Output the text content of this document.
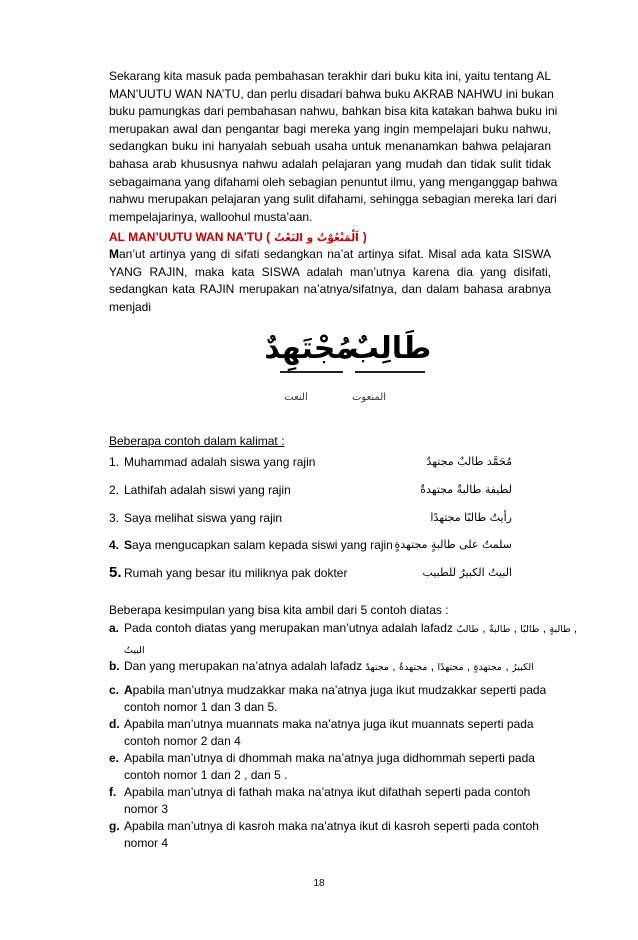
Sekarang kita masuk pada pembahasan terakhir dari buku kita ini, yaitu tentang AL
MAN’UUTU WAN NA’TU, dan perlu disadari bahwa buku AKRAB NAHWU ini bukan
buku pamungkas dari pembahasan nahwu, bahkan bisa kita katakan bahwa buku ini
merupakan awal dan pengantar bagi mereka yang ingin mempelajari buku nahwu,
sedangkan buku ini hanyalah sebuah usaha untuk menanamkan bahwa pelajaran
bahasa arab khususnya nahwu adalah pelajaran yang mudah dan tidak sulit tidak
sebagaimana yang difahami oleh sebagian penuntut ilmu, yang menganggap bahwa
nahwu merupakan pelajaran yang sulit difahami, sehingga sebagian mereka lari dari
mempelajarinya, walloohul musta’aan.
AL MAN’UUTU WAN NA’TU ( اَلْمَنْعُوْتُ و النَعْتُ )
Man’ut artinya yang di sifati sedangkan na’at artinya sifat. Misal ada kata SISWA
YANG RAJIN, maka kata SISWA adalah man’utnya karena dia yang disifati,
sedangkan kata RAJIN merupakan na’atnya/sifatnya, dan dalam bahasa arabnya
menjadi
مُجْتَهِدٌ
طَالِبٌ
النعت	المنعوت
Beberapa contoh dalam kalimat :
1. Muhammad adalah siswa yang rajin	مُحَمَّد طالبٌ مجتهدٌ
2. Lathifah adalah siswi yang rajin	لطيفة طالبةٌ مجتهدةٌ
3. Saya melihat siswa yang rajin	رأيتُ طالبًا مجتهدًا
4. Saya mengucapkan salam kepada siswi yang rajin سلمتُ على طالبةٍ مجتهدةٍ
5. Rumah yang besar itu miliknya pak dokter	البيتُ الكبيرُ للطبيب
Beberapa kesimpulan yang bisa kita ambil dari 5 contoh diatas :
a. Pada contoh diatas yang merupakan man’utnya adalah lafadz طالبٌ , طالبةٌ , طالبًا , طالبةٍ ,
البيتُ
b. Dan yang merupakan na’atnya adalah lafadz مجتهدٌ , مجتهدةٌ , مجتهدًا , مجتهدةٍ , الكبيرُ
c. Apabila man’utnya mudzakkar maka na’atnya juga ikut mudzakkar seperti pada
contoh nomor 1 dan 3 dan 5.
d. Apabila man’utnya muannats maka na’atnya juga ikut muannats seperti pada
contoh nomor 2 dan 4
e. Apabila man’utnya di dhommah maka na’atnya juga didhommah seperti pada
contoh nomor 1 dan 2 , dan 5 .
f. Apabila man’utnya di fathah maka na’atnya ikut difathah seperti pada contoh
nomor 3
g. Apabila man’utnya di kasroh maka na’atnya ikut di kasroh seperti pada contoh
nomor 4
18
